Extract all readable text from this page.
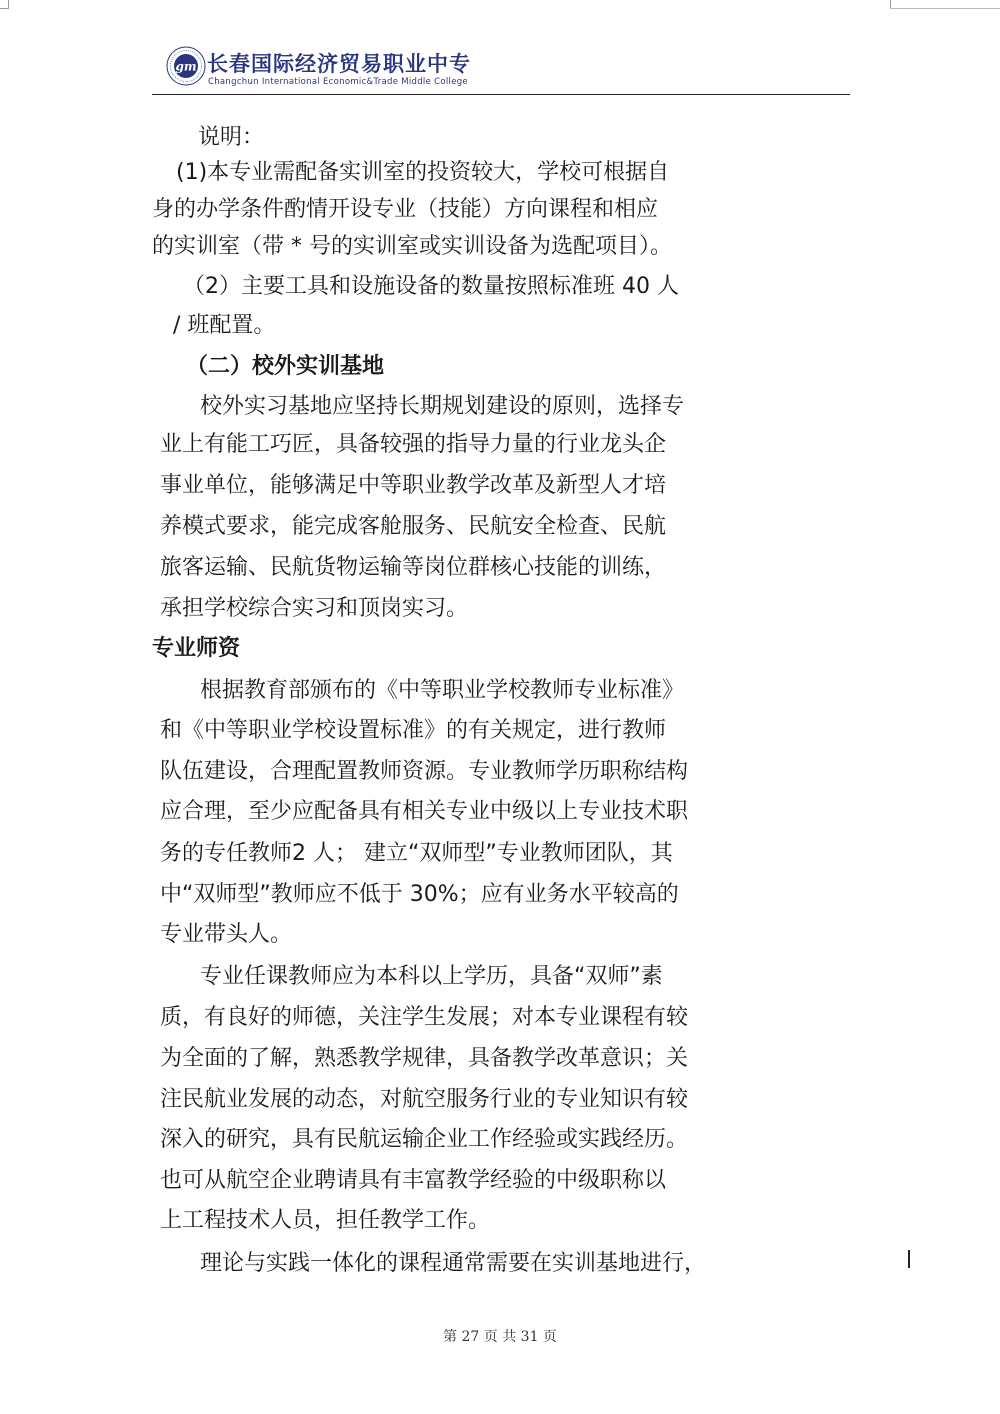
gm 长春国际经济贸易职业中专
Changchun International Economic&Trade Middle College
说明：
(1)本专业需配备实训室的投资较大，学校可根据自
身的办学条件酌情开设专业（技能）方向课程和相应
的实训室（带 * 号的实训室或实训设备为选配项目）。
（2）主要工具和设施设备的数量按照标准班 40 人
/ 班配置。
（二）校外实训基地
校外实习基地应坚持长期规划建设的原则，选择专
业上有能工巧匠，具备较强的指导力量的行业龙头企
事业单位，能够满足中等职业教学改革及新型人才培
养模式要求，能完成客舱服务、民航安全检查、民航
旅客运输、民航货物运输等岗位群核心技能的训练，
承担学校综合实习和顶岗实习。
专业师资
根据教育部颁布的《中等职业学校教师专业标准》
和《中等职业学校设置标准》的有关规定，进行教师
队伍建设，合理配置教师资源。专业教师学历职称结构
应合理，至少应配备具有相关专业中级以上专业技术职
务的专任教师2 人； 建立“双师型”专业教师团队，其
中“双师型”教师应不低于 30%；应有业务水平较高的
专业带头人。
专业任课教师应为本科以上学历，具备“双师”素
质，有良好的师德，关注学生发展；对本专业课程有较
为全面的了解，熟悉教学规律，具备教学改革意识；关
注民航业发展的动态，对航空服务行业的专业知识有较
深入的研究，具有民航运输企业工作经验或实践经历。
也可从航空企业聘请具有丰富教学经验的中级职称以
上工程技术人员，担任教学工作。
理论与实践一体化的课程通常需要在实训基地进行，
第 27 页 共 31 页
